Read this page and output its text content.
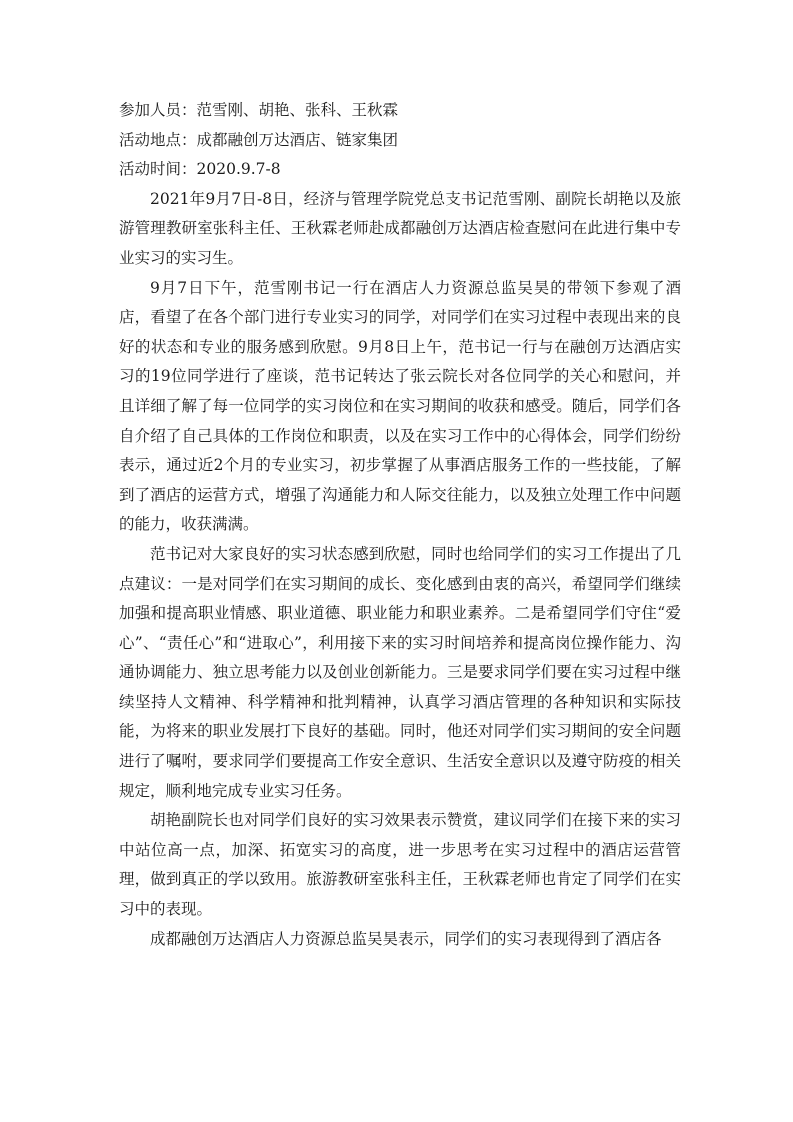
参加人员：范雪刚、胡艳、张科、王秋霖

活动地点：成都融创万达酒店、链家集团

活动时间：2020.9.7-8

2021年9月7日-8日，经济与管理学院党总支书记范雪刚、副院长胡艳以及旅游管理教研室张科主任、王秋霖老师赴成都融创万达酒店检查慰问在此进行集中专业实习的实习生。

9月7日下午，范雪刚书记一行在酒店人力资源总监吴昊的带领下参观了酒店，看望了在各个部门进行专业实习的同学，对同学们在实习过程中表现出来的良好的状态和专业的服务感到欣慰。9月8日上午，范书记一行与在融创万达酒店实习的19位同学进行了座谈，范书记转达了张云院长对各位同学的关心和慰问，并且详细了解了每一位同学的实习岗位和在实习期间的收获和感受。随后，同学们各自介绍了自己具体的工作岗位和职责，以及在实习工作中的心得体会，同学们纷纷表示，通过近2个月的专业实习，初步掌握了从事酒店服务工作的一些技能，了解到了酒店的运营方式，增强了沟通能力和人际交往能力，以及独立处理工作中问题的能力，收获满满。

范书记对大家良好的实习状态感到欣慰，同时也给同学们的实习工作提出了几点建议：一是对同学们在实习期间的成长、变化感到由衷的高兴，希望同学们继续加强和提高职业情感、职业道德、职业能力和职业素养。二是希望同学们守住“爱心”、“责任心”和“进取心”，利用接下来的实习时间培养和提高岗位操作能力、沟通协调能力、独立思考能力以及创业创新能力。三是要求同学们要在实习过程中继续坚持人文精神、科学精神和批判精神，认真学习酒店管理的各种知识和实际技能，为将来的职业发展打下良好的基础。同时，他还对同学们实习期间的安全问题进行了嘱咐，要求同学们要提高工作安全意识、生活安全意识以及遵守防疫的相关规定，顺利地完成专业实习任务。

胡艳副院长也对同学们良好的实习效果表示赞赏，建议同学们在接下来的实习中站位高一点，加深、拓宽实习的高度，进一步思考在实习过程中的酒店运营管理，做到真正的学以致用。旅游教研室张科主任，王秋霖老师也肯定了同学们在实习中的表现。

成都融创万达酒店人力资源总监吴昊表示，同学们的实习表现得到了酒店各
